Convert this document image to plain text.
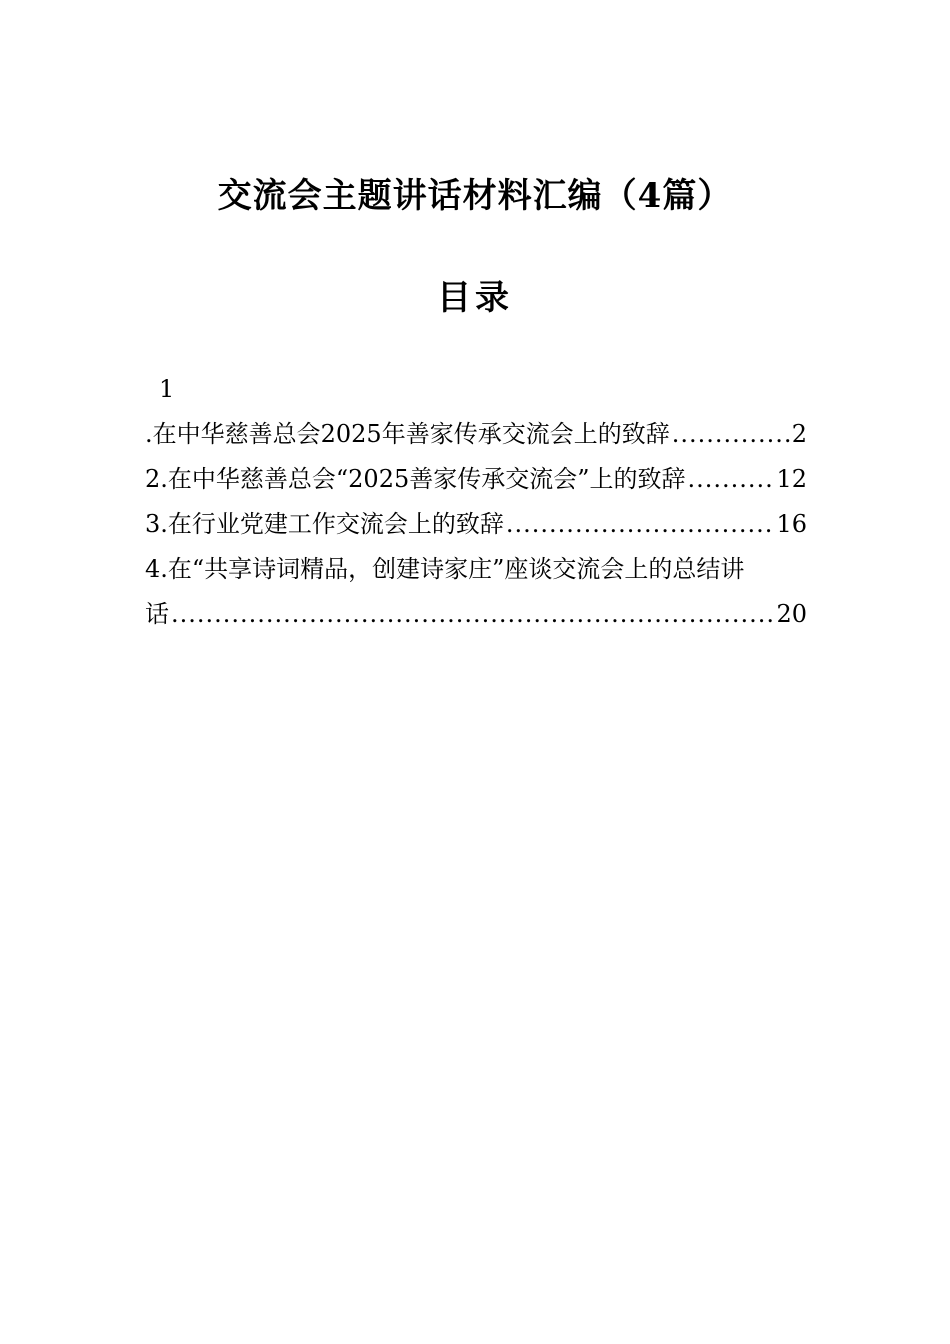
交流会主题讲话材料汇编（4篇）
目录
1
.在中华慈善总会2025年善家传承交流会上的致辞 .....	2
2.在中华慈善总会“2025善家传承交流会”上的致辞 .....	12
3.在行业党建工作交流会上的致辞 .....	16
4.在“共享诗词精品，创建诗家庄”座谈交流会上的总结讲
话 .....	20
